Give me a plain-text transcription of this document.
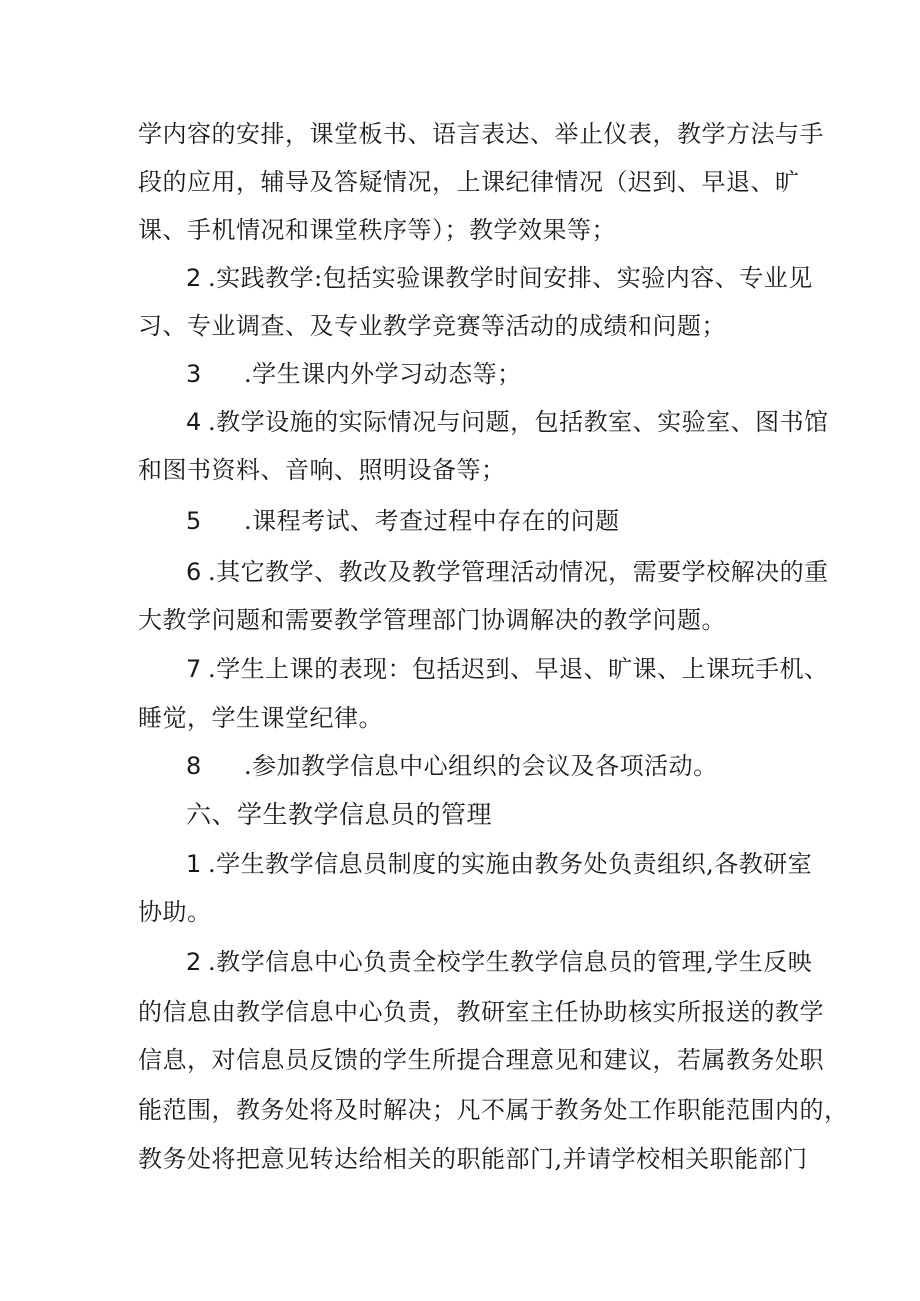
学内容的安排，课堂板书、语言表达、举止仪表，教学方法与手
段的应用，辅导及答疑情况，上课纪律情况（迟到、早退、旷
课、手机情况和课堂秩序等）；教学效果等；
2 .实践教学:包括实验课教学时间安排、实验内容、专业见
习、专业调查、及专业教学竞赛等活动的成绩和问题；
3 .学生课内外学习动态等；
4 .教学设施的实际情况与问题，包括教室、实验室、图书馆
和图书资料、音响、照明设备等；
5 .课程考试、考查过程中存在的问题
6 .其它教学、教改及教学管理活动情况，需要学校解决的重
大教学问题和需要教学管理部门协调解决的教学问题。
7 .学生上课的表现：包括迟到、早退、旷课、上课玩手机、
睡觉，学生课堂纪律。
8 .参加教学信息中心组织的会议及各项活动。
六、学生教学信息员的管理
1 .学生教学信息员制度的实施由教务处负责组织,各教研室
协助。
2 .教学信息中心负责全校学生教学信息员的管理,学生反映
的信息由教学信息中心负责，教研室主任协助核实所报送的教学
信息，对信息员反馈的学生所提合理意见和建议，若属教务处职
能范围，教务处将及时解决；凡不属于教务处工作职能范围内的，
教务处将把意见转达给相关的职能部门,并请学校相关职能部门
